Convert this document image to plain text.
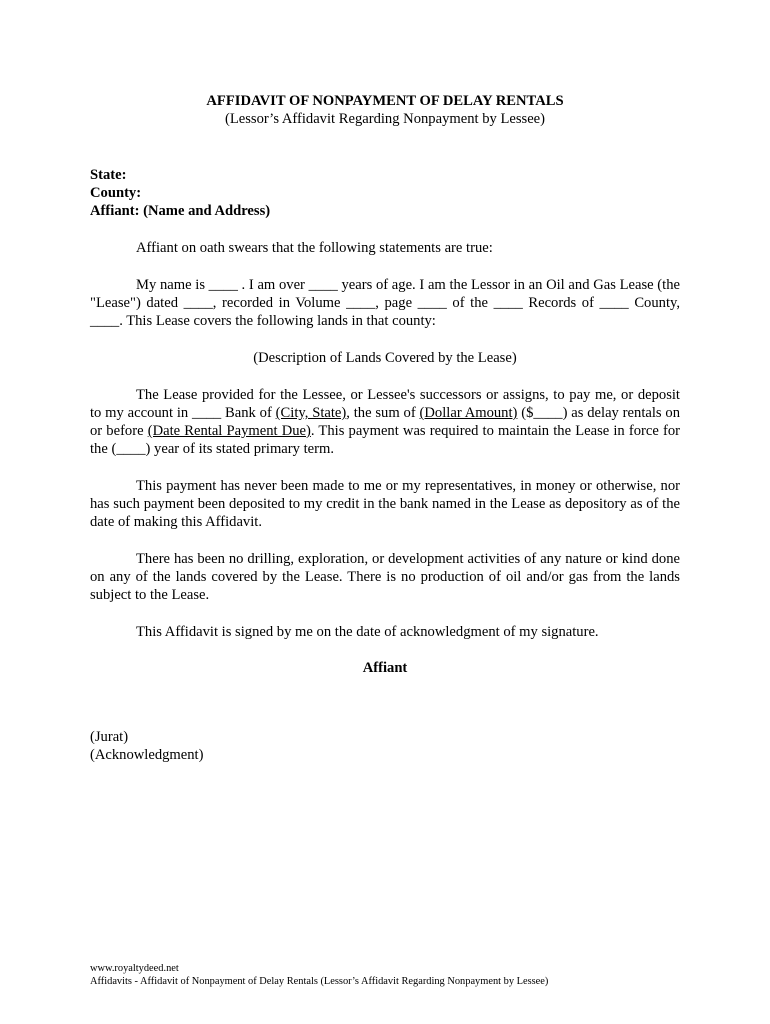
AFFIDAVIT OF NONPAYMENT OF DELAY RENTALS
(Lessor’s Affidavit Regarding Nonpayment by Lessee)
State:
County:
Affiant: (Name and Address)

Affiant on oath swears that the following statements are true:

My name is ____ . I am over ____ years of age. I am the Lessor in an Oil and Gas Lease (the "Lease") dated ____, recorded in Volume ____, page ____ of the ____ Records of ____ County, ____. This Lease covers the following lands in that county:

(Description of Lands Covered by the Lease)

The Lease provided for the Lessee, or Lessee's successors or assigns, to pay me, or deposit to my account in ____ Bank of (City, State), the sum of (Dollar Amount) ($____) as delay rentals on or before (Date Rental Payment Due). This payment was required to maintain the Lease in force for the (____) year of its stated primary term.

This payment has never been made to me or my representatives, in money or otherwise, nor has such payment been deposited to my credit in the bank named in the Lease as depository as of the date of making this Affidavit.

There has been no drilling, exploration, or development activities of any nature or kind done on any of the lands covered by the Lease. There is no production of oil and/or gas from the lands subject to the Lease.

This Affidavit is signed by me on the date of acknowledgment of my signature.

Affiant
(Jurat)
(Acknowledgment)
www.royaltydeed.net
Affidavits - Affidavit of Nonpayment of Delay Rentals (Lessor’s Affidavit Regarding Nonpayment by Lessee)
